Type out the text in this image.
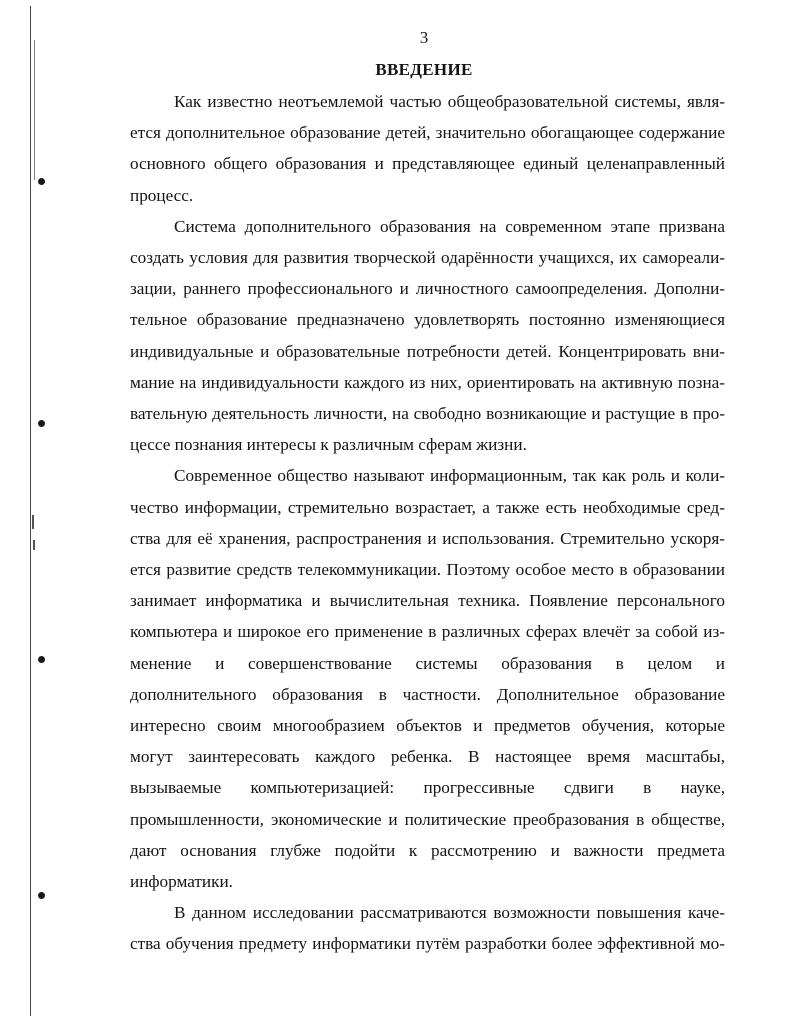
3
ВВЕДЕНИЕ

Как известно неотъемлемой частью общеобразовательной системы, явля-
ется дополнительное образование детей, значительно обогащающее содержание
основного общего образования и представляющее единый целенаправленный
процесс.

Система дополнительного образования на современном этапе призвана
создать условия для развития творческой одарённости учащихся, их самореали-
зации, раннего профессионального и личностного самоопределения. Дополни-
тельное образование предназначено удовлетворять постоянно изменяющиеся
индивидуальные и образовательные потребности детей. Концентрировать вни-
мание на индивидуальности каждого из них, ориентировать на активную позна-
вательную деятельность личности, на свободно возникающие и растущие в про-
цессе познания интересы к различным сферам жизни.

Современное общество называют информационным, так как роль и коли-
чество информации, стремительно возрастает, а также есть необходимые сред-
ства для её хранения, распространения и использования. Стремительно ускоря-
ется развитие средств телекоммуникации. Поэтому особое место в образовании
занимает информатика и вычислительная техника. Появление персонального
компьютера и широкое его применение в различных сферах влечёт за собой из-
менение и совершенствование системы образования в целом и
дополнительного образования в частности. Дополнительное образование
интересно своим многообразием объектов и предметов обучения, которые
могут заинтересовать каждого ребенка. В настоящее время масштабы,
вызываемые компьютеризацией: прогрессивные сдвиги в науке,
промышленности, экономические и политические преобразования в обществе,
дают основания глубже подойти к рассмотрению и важности предмета
информатики.

В данном исследовании рассматриваются возможности повышения каче-
ства обучения предмету информатики путём разработки более эффективной мо-
